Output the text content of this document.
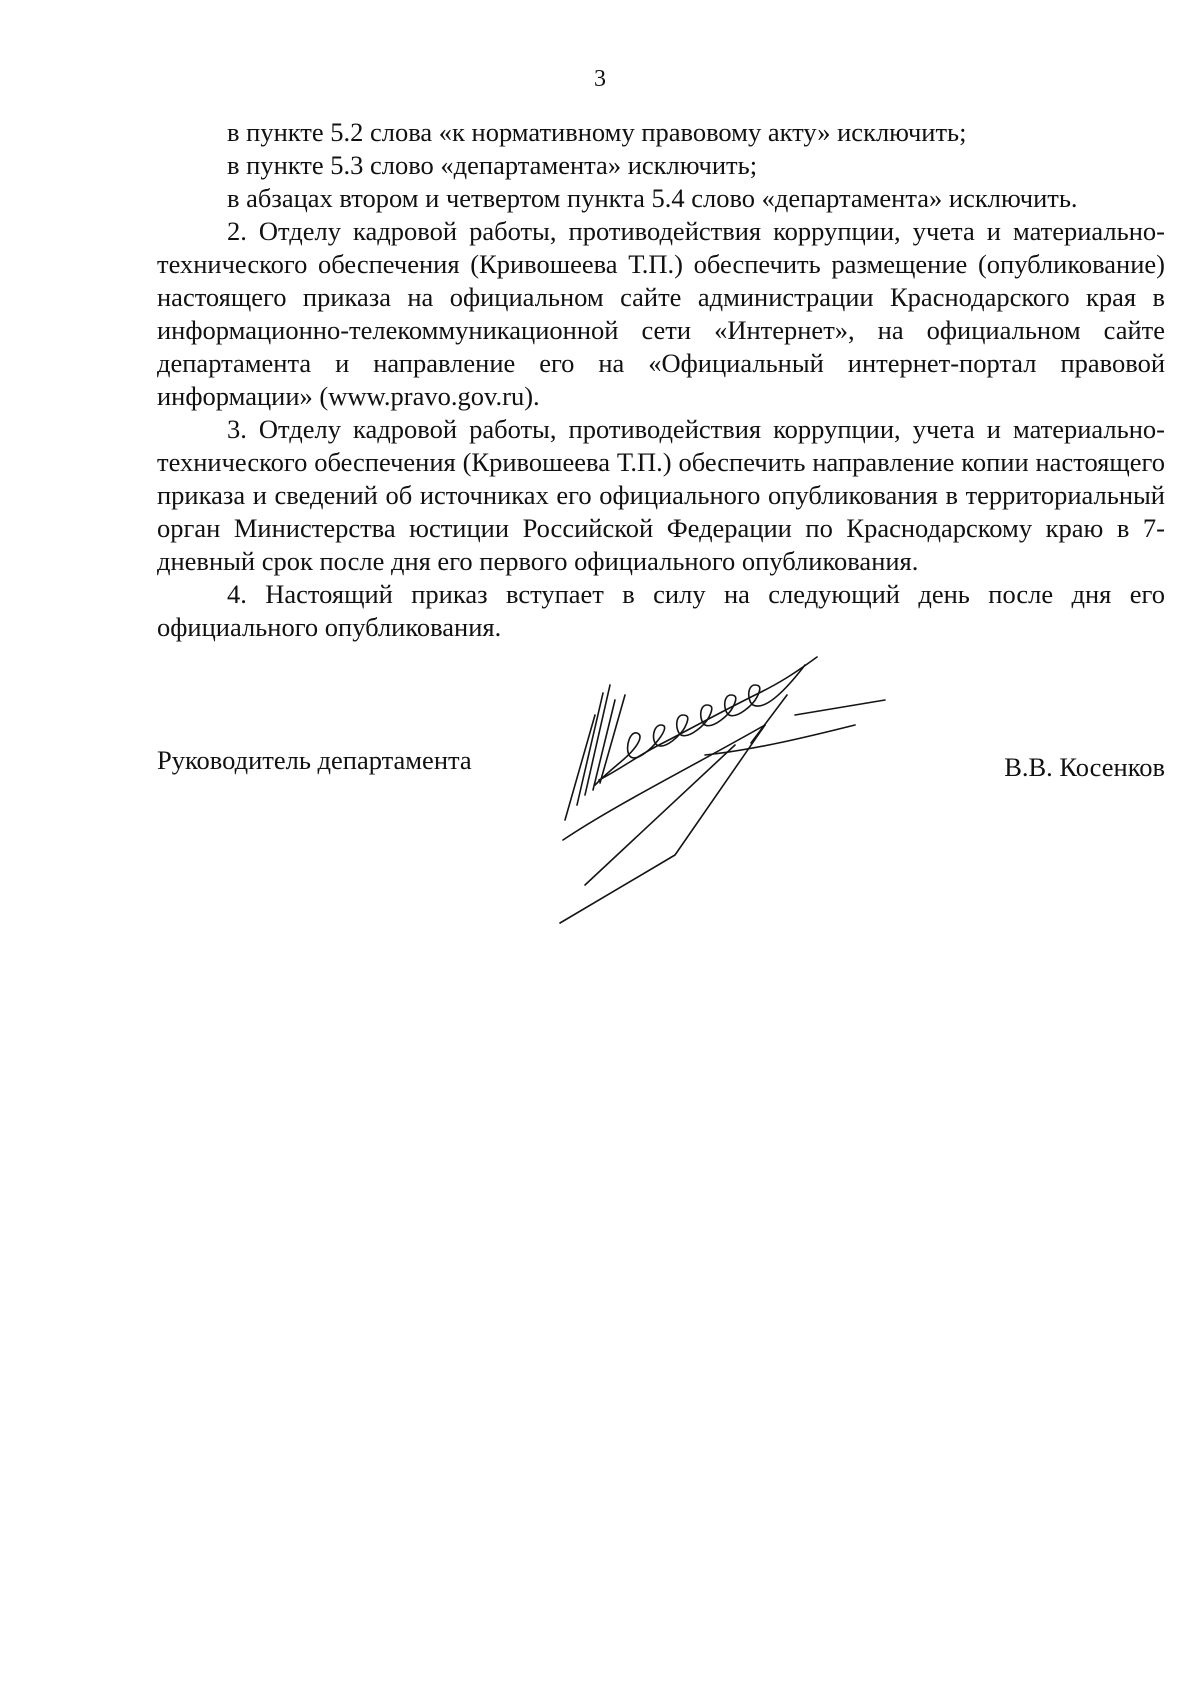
3

в пункте 5.2 слова «к нормативному правовому акту» исключить;

в пункте 5.3 слово «департамента» исключить;

в абзацах втором и четвертом пункта 5.4 слово «департамента» исключить.

2. Отделу кадровой работы, противодействия коррупции, учета и материально-технического обеспечения (Кривошеева Т.П.) обеспечить размещение (опубликование) настоящего приказа на официальном сайте администрации Краснодарского края в информационно-телекоммуникационной сети «Интернет», на официальном сайте департамента и направление его на «Официальный интернет-портал правовой информации» (www.pravo.gov.ru).

3. Отделу кадровой работы, противодействия коррупции, учета и материально-технического обеспечения (Кривошеева Т.П.) обеспечить направление копии настоящего приказа и сведений об источниках его официального опубликования в территориальный орган Министерства юстиции Российской Федерации по Краснодарскому краю в 7-дневный срок после дня его первого официального опубликования.

4. Настоящий приказ вступает в силу на следующий день после дня его официального опубликования.

Руководитель департамента	В.В. Косенков
